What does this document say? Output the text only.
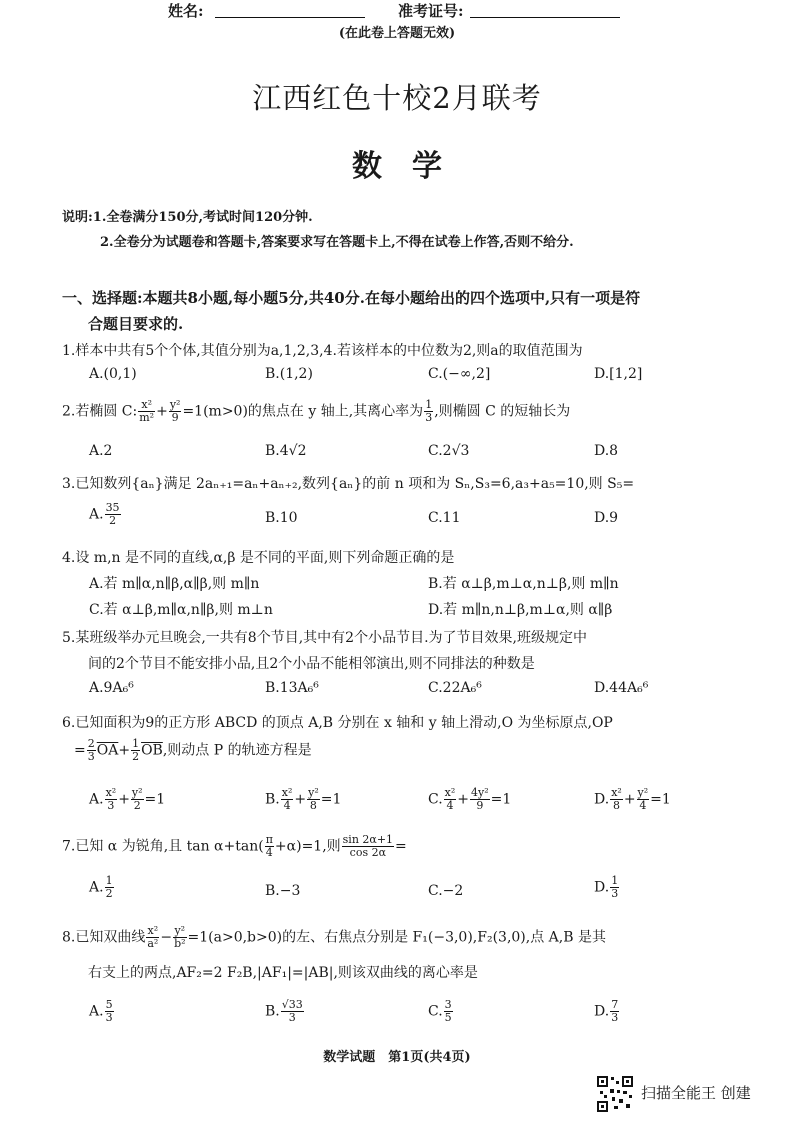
姓名:	准考证号:
(在此卷上答题无效)
江西红色十校2月联考
数　学
说明:1.全卷满分150分,考试时间120分钟.
2.全卷分为试题卷和答题卡,答案要求写在答题卡上,不得在试卷上作答,否则不给分.
一、选择题:本题共8小题,每小题5分,共40分.在每小题给出的四个选项中,只有一项是符
合题目要求的.
1.样本中共有5个个体,其值分别为a,1,2,3,4.若该样本的中位数为2,则a的取值范围为
A.(0,1)	B.(1,2)	C.(−∞,2]	D.[1,2]
2.若椭圆 C: $\frac{\text{x²}}{\text{m²}} + \frac{\text{y²}}{9} =1(m>0)$的焦点在 y 轴上,其离心率为 $\frac{1}{3}$ ,则椭圆 C 的短轴长为
A.2	B.4√2	C.2√3	D.8
3.已知数列{aₙ}满足 2aₙ₊₁=aₙ+aₙ₊₂,数列{aₙ}的前 n 项和为 Sₙ,S₃=6,a₃+a₅=10,则 S₅=
A. $\frac{35}{2}$	B.10	C.11	D.9
4.设 m,n 是不同的直线,α,β 是不同的平面,则下列命题正确的是
A.若 m∥α,n∥β,α∥β,则 m∥n	B.若 α⊥β,m⊥α,n⊥β,则 m∥n
C.若 α⊥β,m∥α,n∥β,则 m⊥n	D.若 m∥n,n⊥β,m⊥α,则 α∥β
5.某班级举办元旦晚会,一共有8个节目,其中有2个小品节目.为了节目效果,班级规定中
间的2个节目不能安排小品,且2个小品不能相邻演出,则不同排法的种数是
A.9A₆⁶	B.13A₆⁶	C.22A₆⁶	D.44A₆⁶
6.已知面积为9的正方形 ABCD 的顶点 A,B 分别在 x 轴和 y 轴上滑动,O 为坐标原点,OP
= $\frac{2}{3} \overline{OA}+ \frac{1}{2} \overline{OB}$,则动点 P 的轨迹方程是
A. $\frac{\text{x²}}{3} + \frac{\text{y²}}{2} =1$	B. $\frac{\text{x²}}{4} + \frac{\text{y²}}{8} =1$	C. $\frac{\text{x²}}{4} + \frac{\text{4y²}}{9} =1$	D. $\frac{\text{x²}}{8} + \frac{\text{y²}}{4} =1$
7.已知 α 为锐角,且 $\tan \alpha+\tan( \frac{\pi}{4} +\alpha)=1$,则 $\frac{\sin 2\alpha+1}{\cos 2\alpha}$ =
A. $\frac{1}{2}$	B.−3	C.−2	D. $\frac{1}{3}$
8.已知双曲线 $\frac{\text{x²}}{\text{a²}} - \frac{\text{y²}}{\text{b²}} =1(a>0,b>0)$的左、右焦点分别是 F₁(−3,0),F₂(3,0),点 A,B 是其
右支上的两点,AF₂=2 F₂B,|AF₁|=|AB|,则该双曲线的离心率是
A. $\frac{5}{3}$	B. $\frac{√33}{3}$	C. $\frac{3}{5}$	D. $\frac{7}{3}$
数学试题　第1页(共4页)
扫描全能王 创建
